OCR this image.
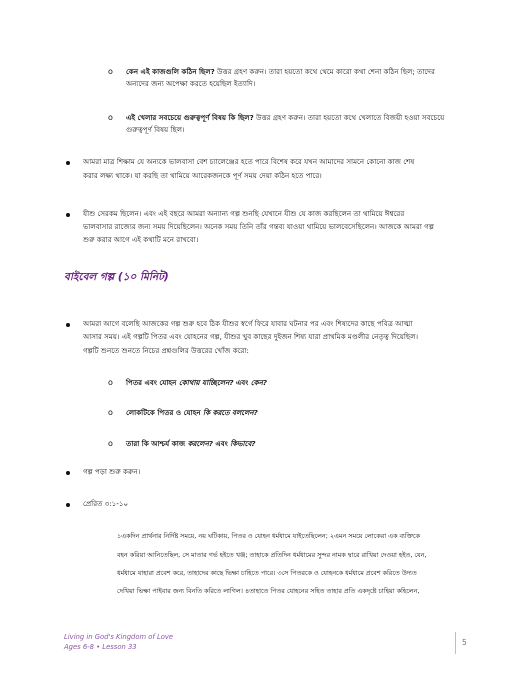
o কেন এই কাজগুলি কঠিন ছিল? উত্তর গ্রহণ করুন। তারা হয়তো কথে থেমে কারো কথা শেনা কঠিন ছিল; তাদের
অন্যদের জন্য অপেক্ষা করতে হয়েছিল ইত্যাদি।
o এই খেলার সবচেয়ে গুরুত্বপূর্ণ বিষয় কি ছিল? উত্তর গ্রহণ করুন। তারা হয়তো কথে খেলাতে বিজয়ী হওয়া সবচেয়ে
গুরুত্বপূর্ণ বিষয় ছিল।
আমরা মাত্র শিক্ষাম যে অন্যকে ভালবাসা বেশ চ্যালেঞ্জের হতে পারে বিশেষ করে যখন আমাদের সামনে কোনো কাজ শেষ
করার লক্ষ্য থাকে। যা করছি তা থামিয়ে আরেকজনকে পূর্ণ সময় দেয়া কঠিন হতে পারে।
যীশু সেরকম ছিলেন। এবং এই বছরে আমরা অন্যান্য গল্প শুনছি যেখানে যীশু যে কাজ করছিলেন তা থামিয়ে ঈশ্বরের
ভালবাসার রাজ্যের জন্য সময় দিয়েছিলেন। অনেক সময় তিনি তাঁর গন্তব্য যাওয়া থামিয়ে ভালবেসেছিলেন। আজকে আমরা গল্প
শুরু করার আগে এই কথাটি মনে রাখবো।
বাইবেল গল্প (১০ মিনিট)
আমরা আগে বলেছি আজকের গল্প শুরু হবে ঠিক যীশুর স্বর্গে ফিরে যাবার ঘটনার পর এবং শিষ্যদের কাছে পবিত্র আত্মা
আসার সময়। এই গল্পটি পিতর এবং যোহনের গল্প, যীশুর খুব কাছের দুইজন শিষ্য যারা প্রাথমিক মণ্ডলীর নেতৃত্ব দিয়েছিল।
গল্পটি শুনতে শুনতে নিচের প্রশ্নগুলির উত্তরের খোঁজ করো:
o পিতর এবং যোহন কোথায় যাচ্ছিলেন? এবং কেন?
o লোকটিকে পিতর ও যোহন কি করতে বললেন?
o তারা কি আশ্চর্য কাজ করলেন? এবং কিভাবে?
গল্প পড়া শুরু করুন।
প্রেরিত ৩:১-১০
১একদিন প্রার্থনার নির্দিষ্ট সময়ে, নয় ঘটিকায়, পিতর ও যোহন ধর্মধামে যাইতেছিলেন; ২এমন সময়ে লোকেরা এক ব্যক্তিকে
বহন করিয়া আনিতেছিল, সে মাতার গর্ভ হইতে খঞ্জ; তাহাকে প্রতিদিন ধর্মধামের সুন্দর নামক দ্বারে রাখিয়া দেওয়া হইত, যেন,
ধর্মধামে যাহারা প্রবেশ করে, তাহাদের কাছে ভিক্ষা চাহিতে পারে। ৩সে পিতরকে ও যোহনকে ধর্মধামে প্রবেশ করিতে উদ্যত
দেখিয়া ভিক্ষা পাইবার জন্য বিনতি করিতে লাগিল। ৪তাহাতে পিতর যোহনের সহিত তাহার প্রতি একদৃষ্টে চাহিয়া কহিলেন,
Living in God's Kingdom of Love
Ages 6-8 • Lesson 33	5
